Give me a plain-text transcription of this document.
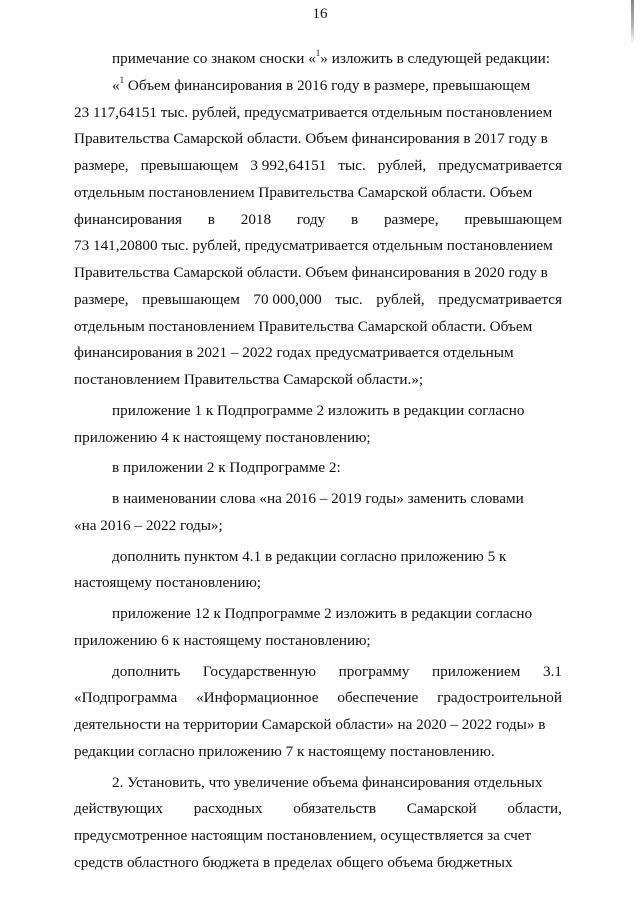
16
примечание со знаком сноски «$^1$» изложить в следующей редакции:
«$^1$ Объем финансирования в 2016 году в размере, превышающем
23 117,64151 тыс. рублей, предусматривается отдельным постановлением
Правительства Самарской области. Объем финансирования в 2017 году в
размере, превышающем 3 992,64151 тыс. рублей, предусматривается
отдельным постановлением Правительства Самарской области. Объем
финансирования в 2018 году в размере, превышающем
73 141,20800 тыс. рублей, предусматривается отдельным постановлением
Правительства Самарской области. Объем финансирования в 2020 году в
размере, превышающем 70 000,000 тыс. рублей, предусматривается
отдельным постановлением Правительства Самарской области. Объем
финансирования в 2021 – 2022 годах предусматривается отдельным
постановлением Правительства Самарской области.»;
приложение 1 к Подпрограмме 2 изложить в редакции согласно
приложению 4 к настоящему постановлению;
в приложении 2 к Подпрограмме 2:
в наименовании слова «на 2016 – 2019 годы» заменить словами
«на 2016 – 2022 годы»;
дополнить пунктом 4.1 в редакции согласно приложению 5 к
настоящему постановлению;
приложение 12 к Подпрограмме 2 изложить в редакции согласно
приложению 6 к настоящему постановлению;
дополнить Государственную программу приложением 3.1
«Подпрограмма «Информационное обеспечение градостроительной
деятельности на территории Самарской области» на 2020 – 2022 годы» в
редакции согласно приложению 7 к настоящему постановлению.
2. Установить, что увеличение объема финансирования отдельных
действующих расходных обязательств Самарской области,
предусмотренное настоящим постановлением, осуществляется за счет
средств областного бюджета в пределах общего объема бюджетных
